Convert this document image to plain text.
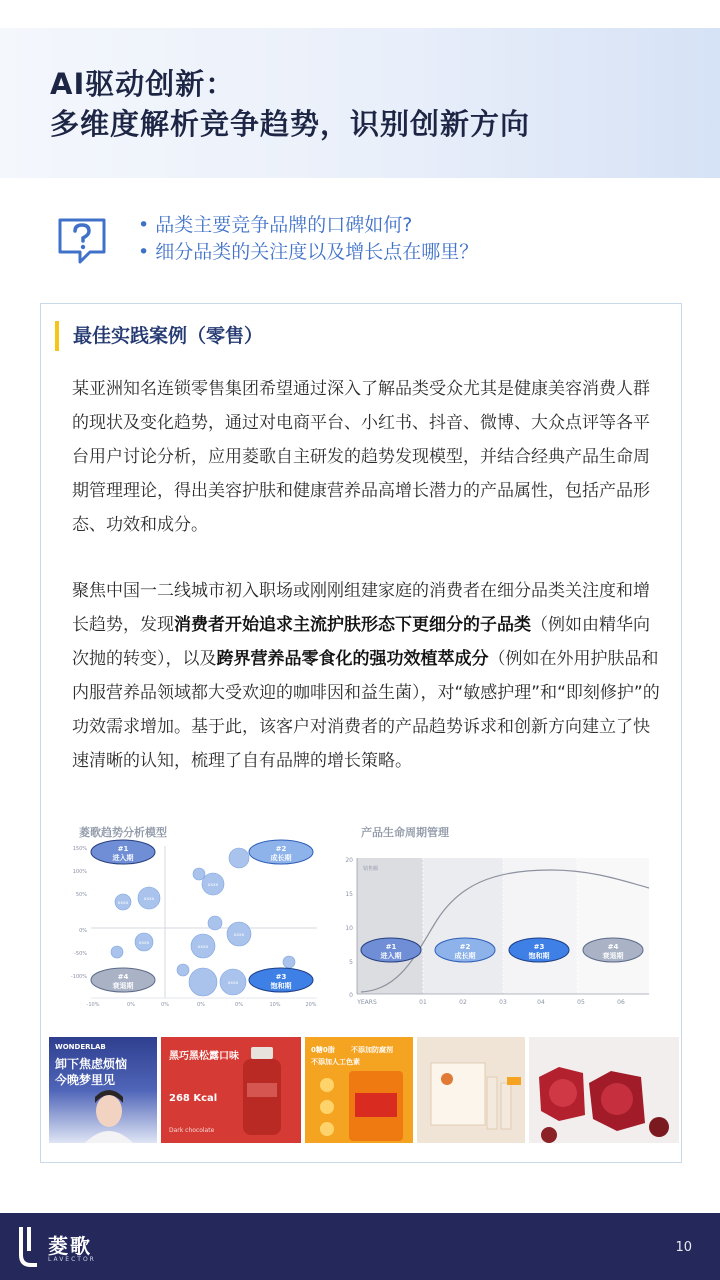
AI驱动创新：
多维度解析竞争趋势，识别创新方向
• 品类主要竞争品牌的口碑如何?
• 细分品类的关注度以及增长点在哪里？
最佳实践案例（零售）
某亚洲知名连锁零售集团希望通过深入了解品类受众尤其是健康美容消费人群的现状及变化趋势，通过对电商平台、小红书、抖音、微博、大众点评等各平台用户讨论分析，应用菱歌自主研发的趋势发现模型，并结合经典产品生命周期管理理论，得出美容护肤和健康营养品高增长潜力的产品属性，包括产品形态、功效和成分。
聚焦中国一二线城市初入职场或刚刚组建家庭的消费者在细分品类关注度和增长趋势，发现消费者开始追求主流护肤形态下更细分的子品类（例如由精华向次抛的转变），以及跨界营养品零食化的强功效植萃成分（例如在外用护肤品和内服营养品领域都大受欢迎的咖啡因和益生菌），对“敏感护理”和“即刻修护”的功效需求增加。基于此，该客户对消费者的产品趋势诉求和创新方向建立了快速清晰的认知，梳理了自有品牌的增长策略。
菱歌趋势分析模型
150%
100%
50%
0%
-50%
-100%
-10%	0%	0%	0%	0%	10%	20%
xxxx
xxxx
xxxx
xxxx
xxxx
xxxx
xxxx
#1
进入期
#2
成长期
#3
饱和期
#4
衰退期
产品生命周期管理
20
15
10
5
0
销售额
YEARS	01	02	03	04	05	06
#1
进入期
#2
成长期
#3
饱和期
#4
衰退期
WONDERLAB
卸下焦虑烦恼
今晚梦里见
黑巧黑松露口味
268 Kcal
Dark chocolate
0糖0脂 不添加防腐剂
不添加人工色素
菱歌
LAVECTOR
10
